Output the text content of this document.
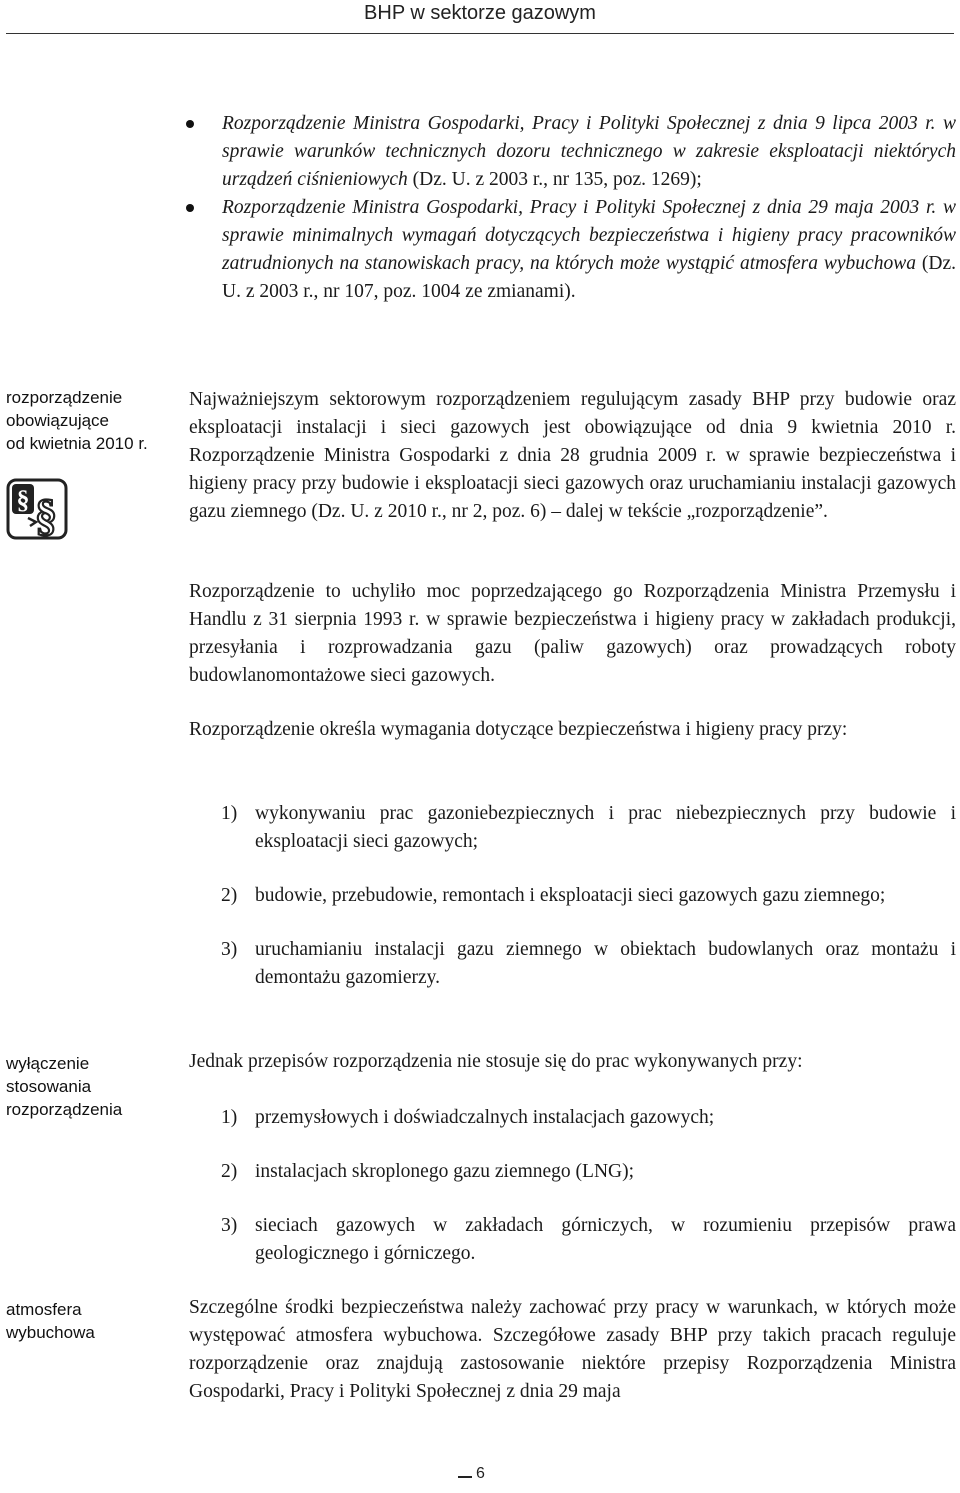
BHP w sektorze gazowym
Rozporządzenie Ministra Gospodarki, Pracy i Polityki Społecznej z dnia 9 lipca 2003 r. w sprawie warunków technicznych dozoru technicznego w zakresie eksploatacji niektórych urządzeń ciśnieniowych (Dz. U. z 2003 r., nr 135, poz. 1269);
Rozporządzenie Ministra Gospodarki, Pracy i Polityki Społecznej z dnia 29 maja 2003 r. w sprawie minimalnych wymagań dotyczących bezpieczeństwa i higieny pracy pracowników zatrudnionych na stanowiskach pracy, na których może wystąpić atmosfera wybuchowa (Dz. U. z 2003 r., nr 107, poz. 1004 ze zmianami).
rozporządzenie
obowiązujące
od kwietnia 2010 r.
§ §

Najważniejszym sektorowym rozporządzeniem regulującym zasady BHP przy budowie oraz eksploatacji instalacji i sieci gazowych jest obowiązujące od dnia 9 kwietnia 2010 r. Rozporządzenie Ministra Gospodarki z dnia 28 grudnia 2009 r. w sprawie bezpieczeństwa i higieny pracy przy budowie i eksploatacji sieci gazowych oraz uruchamianiu instalacji gazowych gazu ziemnego (Dz. U. z 2010 r., nr 2, poz. 6) – dalej w tekście „rozporządzenie”.

Rozporządzenie to uchyliło moc poprzedzającego go Rozporządzenia Ministra Przemysłu i Handlu z 31 sierpnia 1993 r. w sprawie bezpieczeństwa i higieny pracy w zakładach produkcji, przesyłania i rozprowadzania gazu (paliw gazowych) oraz prowadzących roboty budowlanomontażowe sieci gazowych.

Rozporządzenie określa wymagania dotyczące bezpieczeństwa i higieny pracy przy:

1) wykonywaniu prac gazoniebezpiecznych i prac niebezpiecznych przy budowie i eksploatacji sieci gazowych;
2) budowie, przebudowie, remontach i eksploatacji sieci gazowych gazu ziemnego;
3) uruchamianiu instalacji gazu ziemnego w obiektach budowlanych oraz montażu i demontażu gazomierzy.
wyłączenie
stosowania
rozporządzenia

Jednak przepisów rozporządzenia nie stosuje się do prac wykonywanych przy:

1) przemysłowych i doświadczalnych instalacjach gazowych;
2) instalacjach skroplonego gazu ziemnego (LNG);
3) sieciach gazowych w zakładach górniczych, w rozumieniu przepisów prawa geologicznego i górniczego.
atmosfera
wybuchowa

Szczególne środki bezpieczeństwa należy zachować przy pracy w warunkach, w których może występować atmosfera wybuchowa. Szczegółowe zasady BHP przy takich pracach reguluje rozporządzenie oraz znajdują zastosowanie niektóre przepisy Rozporządzenia Ministra Gospodarki, Pracy i Polityki Społecznej z dnia 29 maja

6
